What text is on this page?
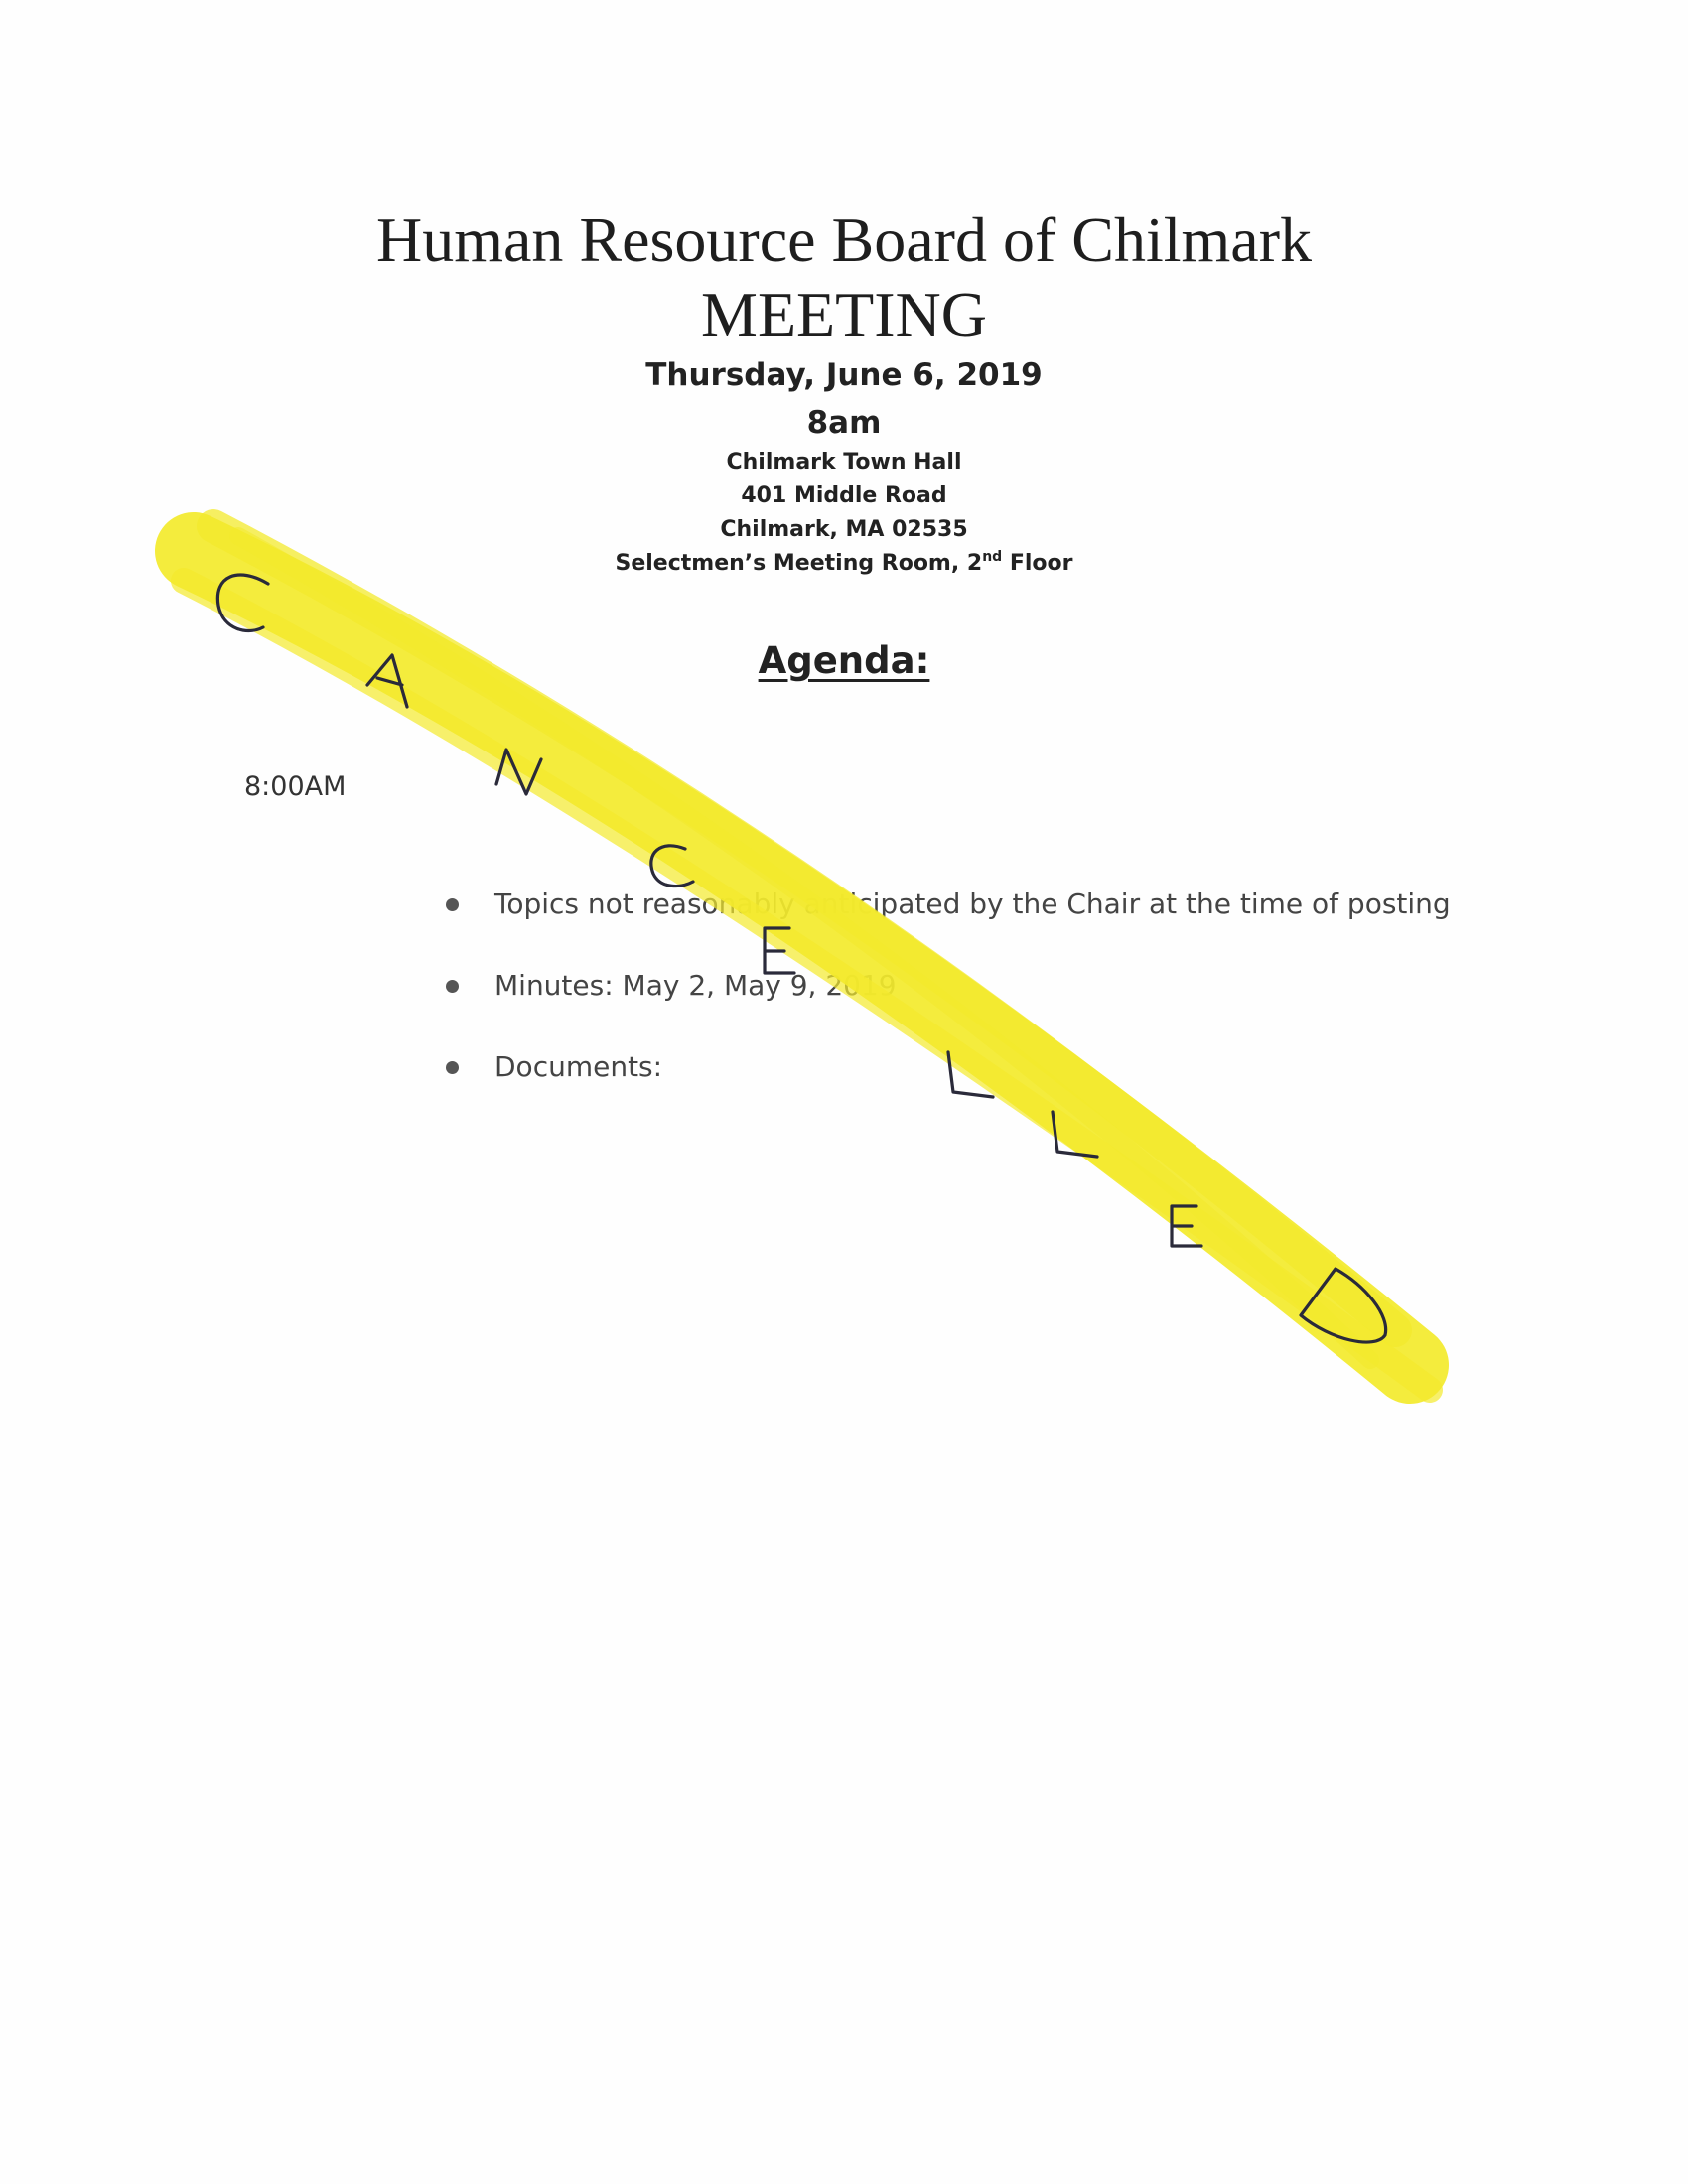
Human Resource Board of Chilmark
MEETING
Thursday, June 6, 2019
8am
Chilmark Town Hall
401 Middle Road
Chilmark, MA 02535
Selectmen’s Meeting Room, 2nd Floor
Agenda:

8:00AM

Topics not reasonably anticipated by the Chair at the time of posting
Minutes: May 2, May 9, 2019
Documents:
